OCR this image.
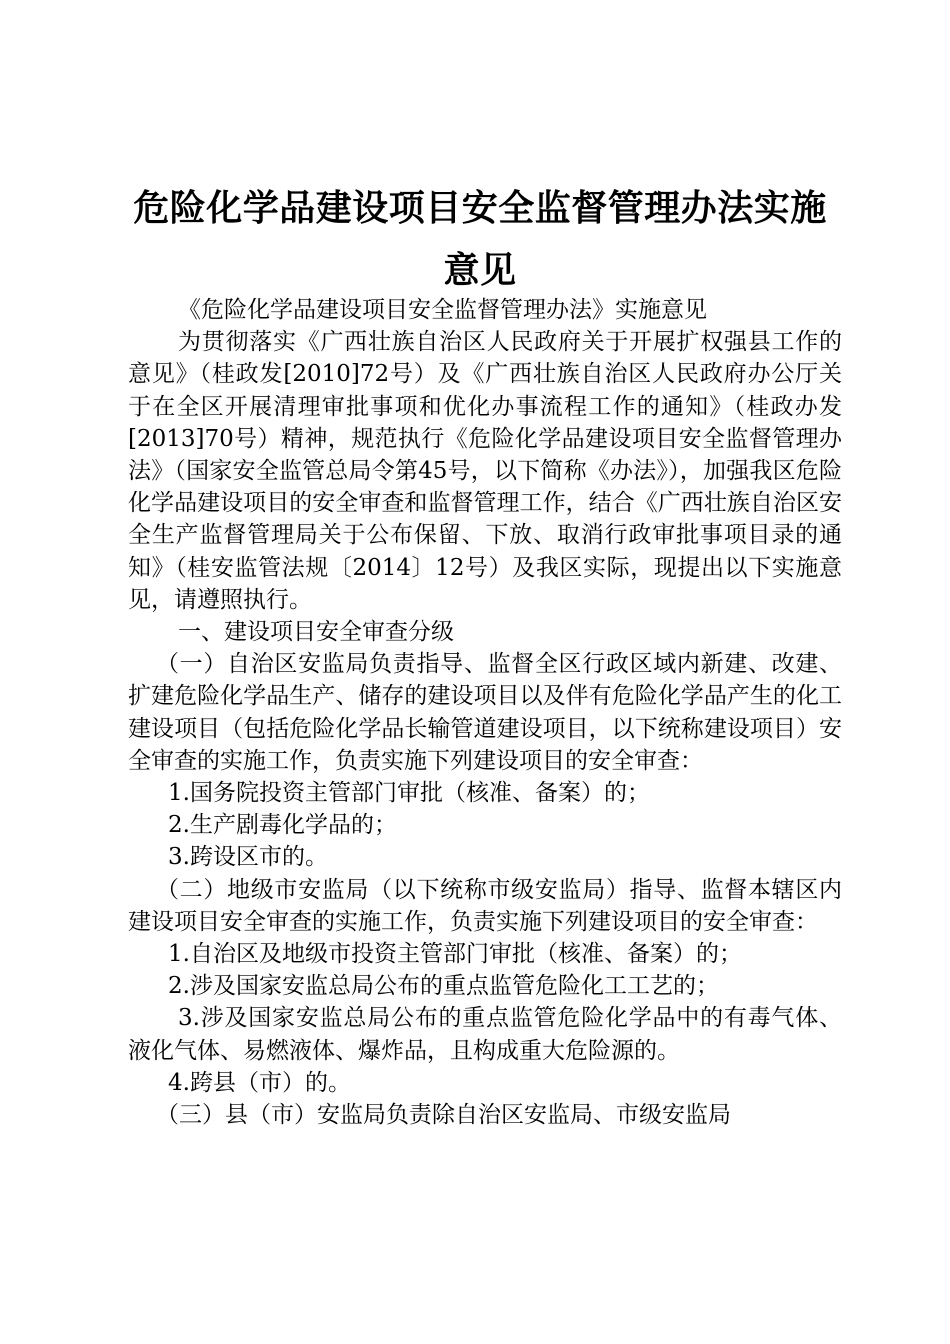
危险化学品建设项目安全监督管理办法实施意见

《危险化学品建设项目安全监督管理办法》实施意见

为贯彻落实《广西壮族自治区人民政府关于开展扩权强县工作的意见》（桂政发[2010]72号）及《广西壮族自治区人民政府办公厅关于在全区开展清理审批事项和优化办事流程工作的通知》（桂政办发[2013]70号）精神，规范执行《危险化学品建设项目安全监督管理办法》（国家安全监管总局令第45号，以下简称《办法》），加强我区危险化学品建设项目的安全审查和监督管理工作，结合《广西壮族自治区安全生产监督管理局关于公布保留、下放、取消行政审批事项目录的通知》（桂安监管法规〔2014〕12号）及我区实际，现提出以下实施意见，请遵照执行。

一、建设项目安全审查分级

（一）自治区安监局负责指导、监督全区行政区域内新建、改建、扩建危险化学品生产、储存的建设项目以及伴有危险化学品产生的化工建设项目（包括危险化学品长输管道建设项目，以下统称建设项目）安全审查的实施工作，负责实施下列建设项目的安全审查：

1.国务院投资主管部门审批（核准、备案）的；

2.生产剧毒化学品的；

3.跨设区市的。

（二）地级市安监局（以下统称市级安监局）指导、监督本辖区内建设项目安全审查的实施工作，负责实施下列建设项目的安全审查：

1.自治区及地级市投资主管部门审批（核准、备案）的；

2.涉及国家安监总局公布的重点监管危险化工工艺的；

3.涉及国家安监总局公布的重点监管危险化学品中的有毒气体、液化气体、易燃液体、爆炸品，且构成重大危险源的。

4.跨县（市）的。

（三）县（市）安监局负责除自治区安监局、市级安监局
